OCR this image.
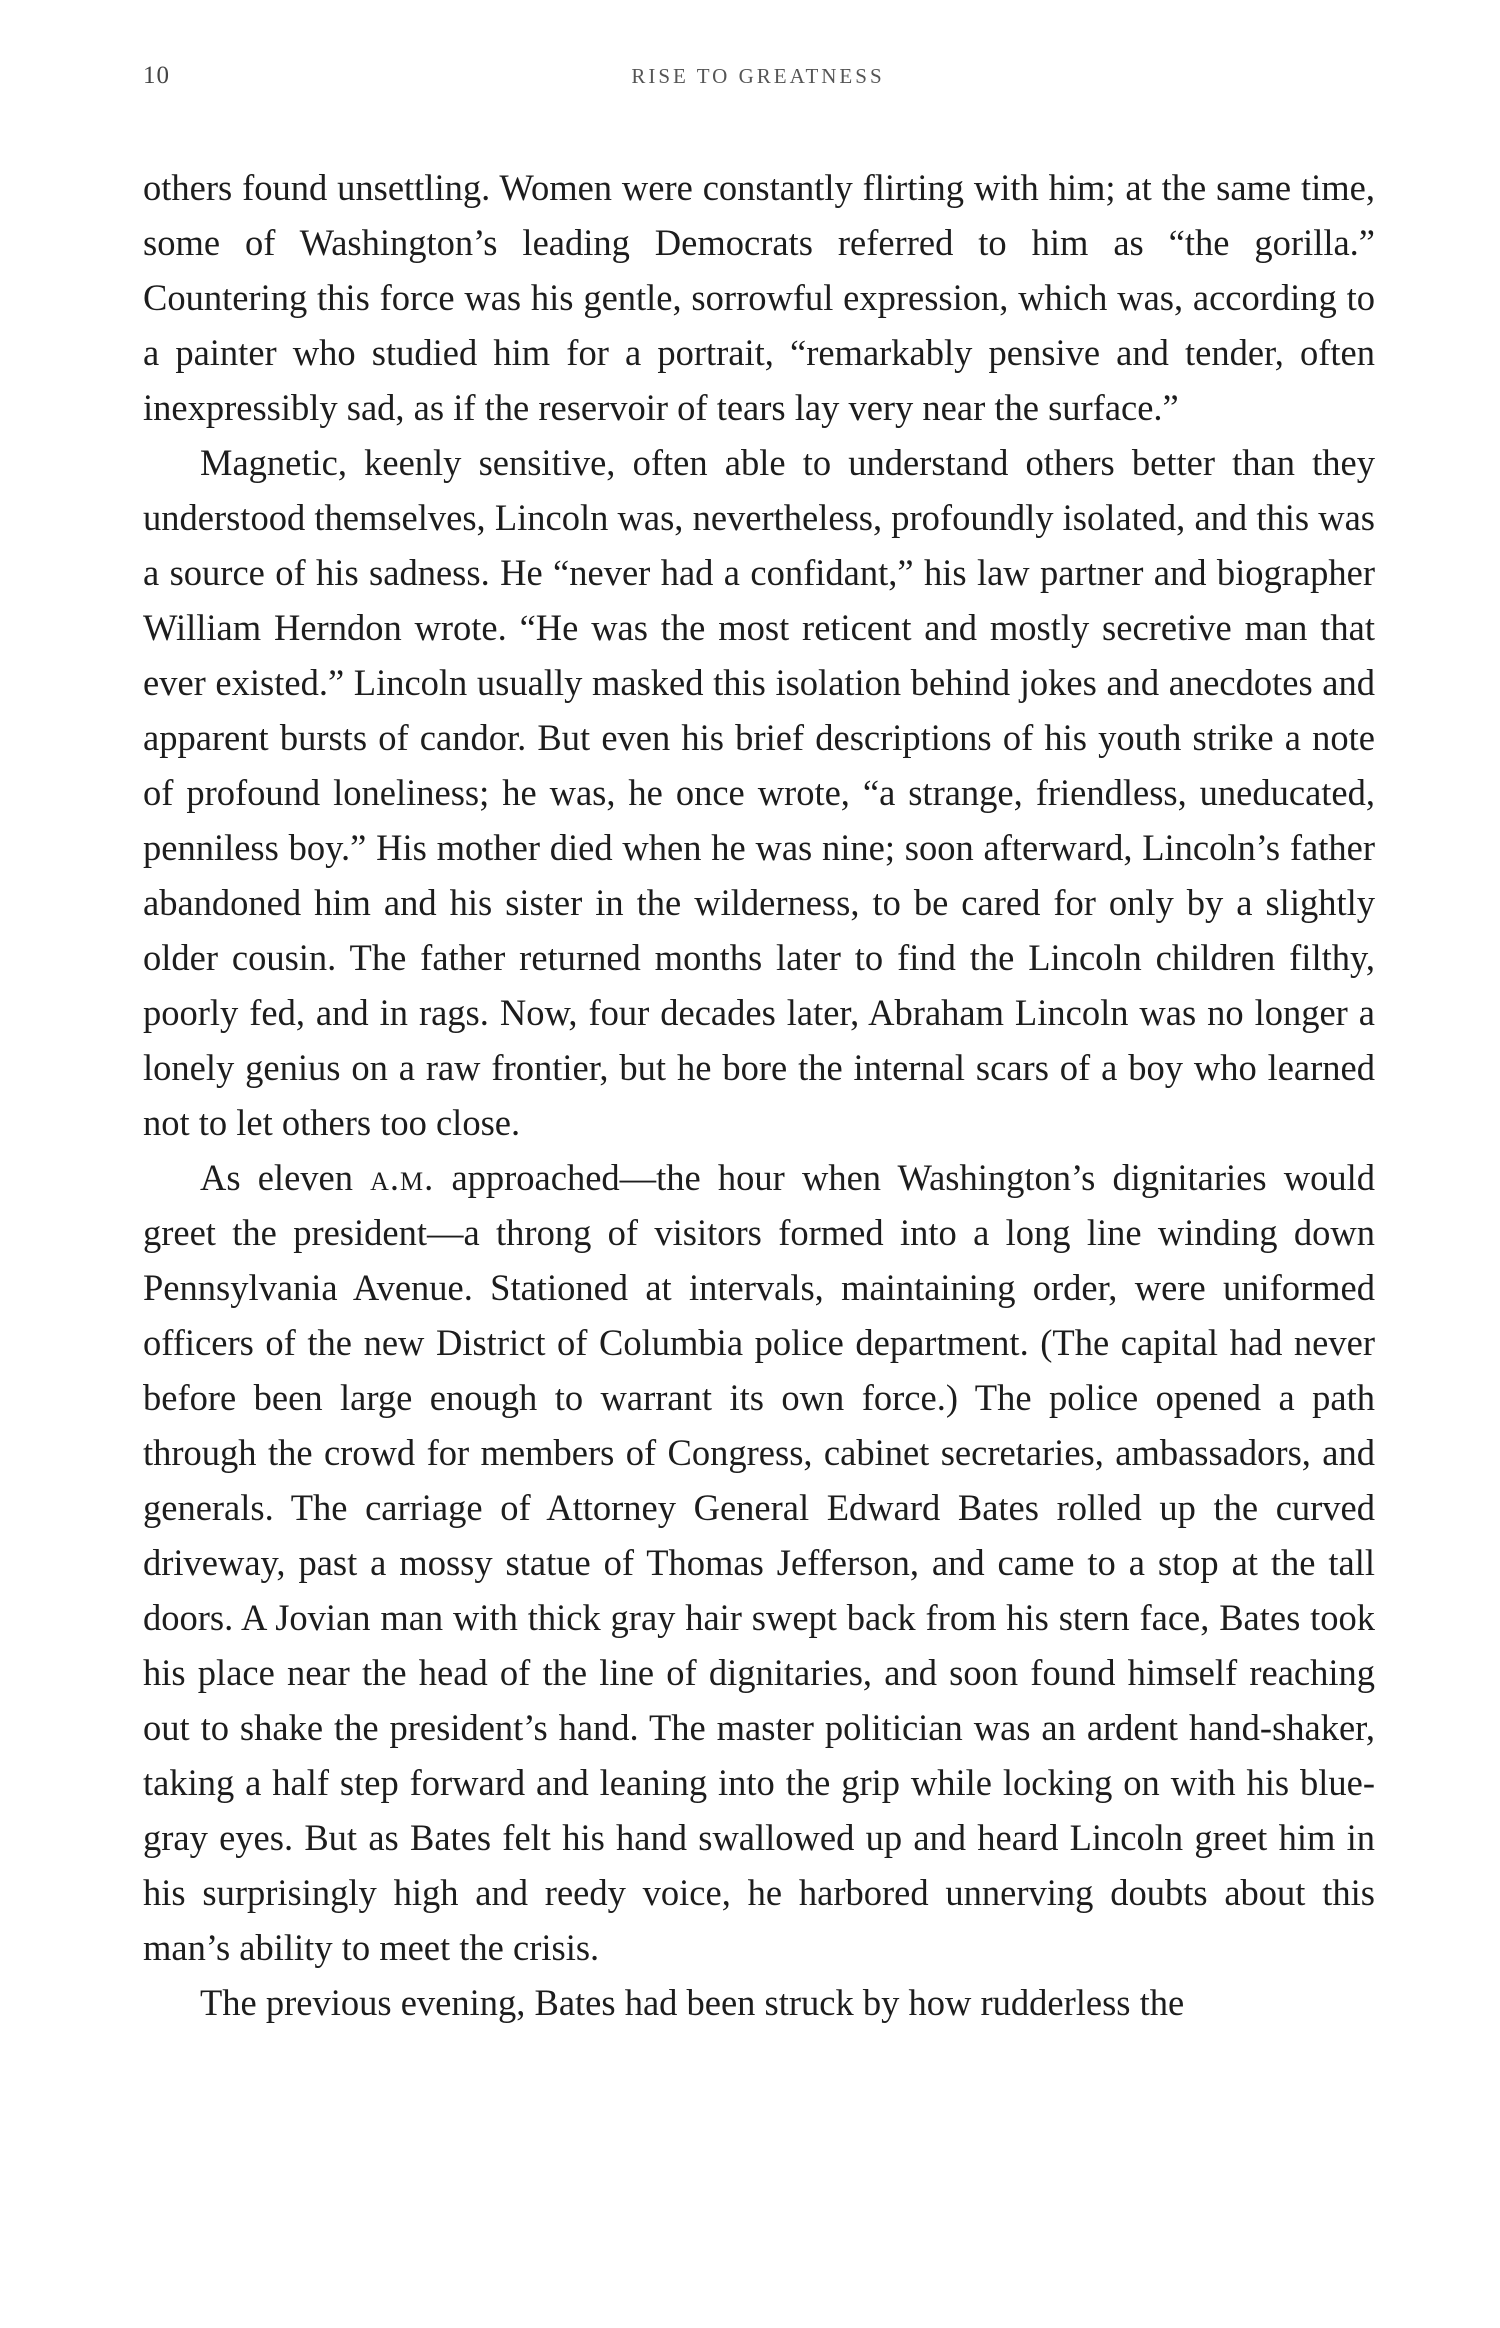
10	RISE TO GREATNESS

others found unsettling. Women were constantly flirting with him; at the same time, some of Washington’s leading Democrats referred to him as “the gorilla.” Countering this force was his gentle, sorrowful expression, which was, according to a painter who studied him for a portrait, “remarkably pensive and tender, often inexpressibly sad, as if the reservoir of tears lay very near the surface.”

Magnetic, keenly sensitive, often able to understand others better than they understood themselves, Lincoln was, nevertheless, profoundly isolated, and this was a source of his sadness. He “never had a confidant,” his law partner and biographer William Herndon wrote. “He was the most reticent and mostly secretive man that ever existed.” Lincoln usually masked this isolation behind jokes and anecdotes and apparent bursts of candor. But even his brief descriptions of his youth strike a note of profound loneliness; he was, he once wrote, “a strange, friendless, uneducated, penniless boy.” His mother died when he was nine; soon afterward, Lincoln’s father abandoned him and his sister in the wilderness, to be cared for only by a slightly older cousin. The father returned months later to find the Lincoln children filthy, poorly fed, and in rags. Now, four decades later, Abraham Lincoln was no longer a lonely genius on a raw frontier, but he bore the internal scars of a boy who learned not to let others too close.

As eleven a.m. approached—the hour when Washington’s dignitaries would greet the president—a throng of visitors formed into a long line winding down Pennsylvania Avenue. Stationed at intervals, maintaining order, were uniformed officers of the new District of Columbia police department. (The capital had never before been large enough to warrant its own force.) The police opened a path through the crowd for members of Congress, cabinet secretaries, ambassadors, and generals. The carriage of Attorney General Edward Bates rolled up the curved driveway, past a mossy statue of Thomas Jefferson, and came to a stop at the tall doors. A Jovian man with thick gray hair swept back from his stern face, Bates took his place near the head of the line of dignitaries, and soon found himself reaching out to shake the president’s hand. The master politician was an ardent hand-shaker, taking a half step forward and leaning into the grip while locking on with his blue-gray eyes. But as Bates felt his hand swallowed up and heard Lincoln greet him in his surprisingly high and reedy voice, he harbored unnerving doubts about this man’s ability to meet the crisis.

The previous evening, Bates had been struck by how rudderless the
